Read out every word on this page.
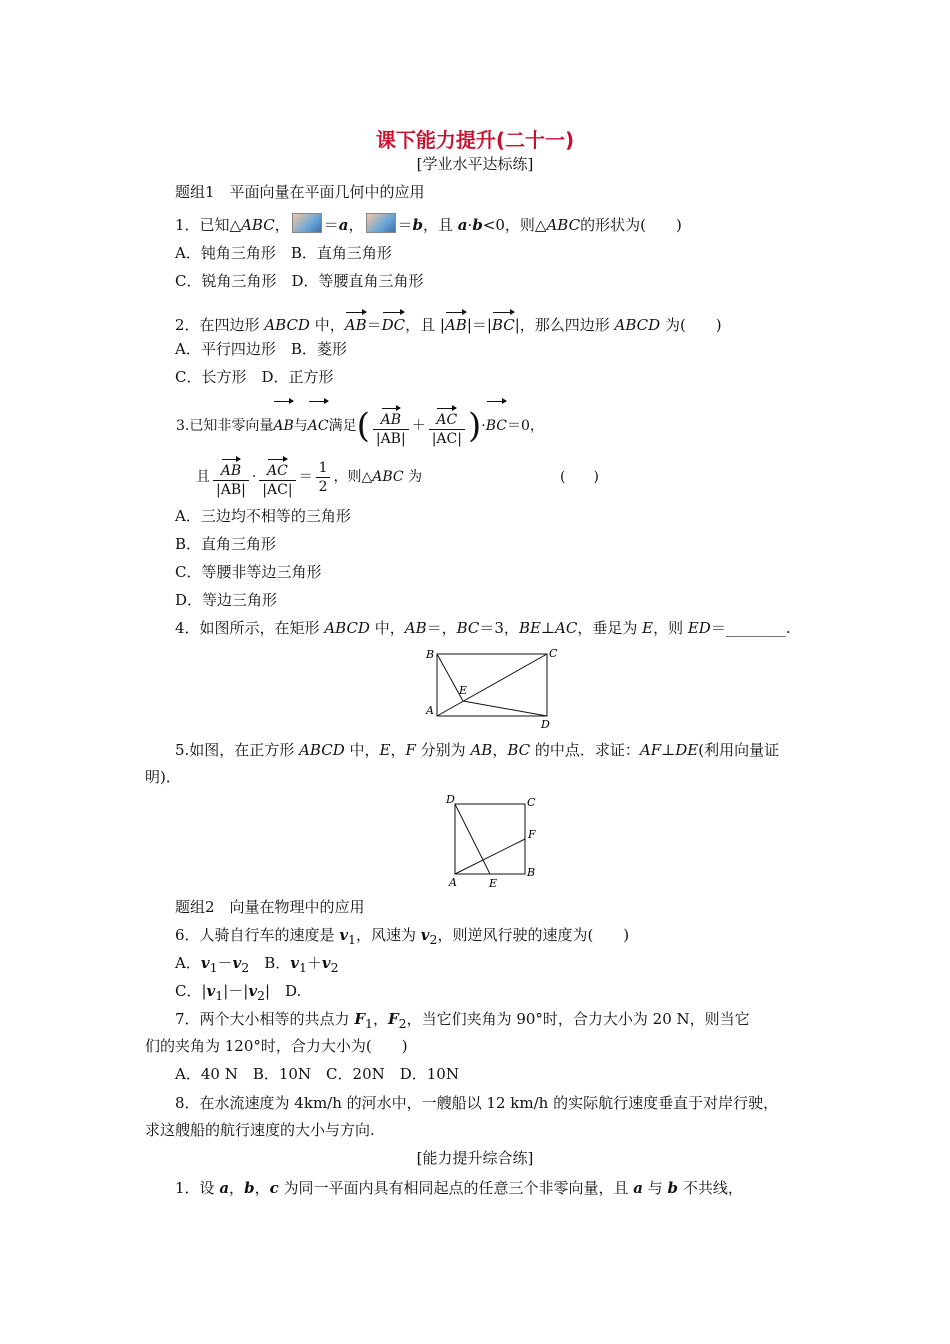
课下能力提升(二十一)
[学业水平达标练]
题组1　平面向量在平面几何中的应用
1．已知△ABC， ＝a， ＝b，且 a·b<0，则△ABC的形状为(　　)
A．钝角三角形　B．直角三角形
C．锐角三角形　D．等腰直角三角形
2．在四边形 ABCD 中，AB＝DC，且 |AB|＝|BC|，那么四边形 ABCD 为(　　)
A．平行四边形　B．菱形
C．长方形　D．正方形
3.已知非零向量AB与AC满足( $\frac{AB}{|AB|} + \frac{AC}{|AC|} )\cdot BC=0$，
且 $\frac{AB}{|AB|} \cdot \frac{AC}{|AC|} = \frac{1}{2}$ ，则△ABC 为	(　　)
A．三边均不相等的三角形
B．直角三角形
C．等腰非等边三角形
D．等边三角形
4．如图所示，在矩形 ABCD 中，AB＝，BC＝3，BE⊥AC，垂足为 E，则 ED＝________.
B	C
A
D
E
5.如图，在正方形 ABCD 中，E，F 分别为 AB，BC 的中点．求证：AF⊥DE(利用向量证
明)．
D	C
F
B
A	E
题组2　向量在物理中的应用
6．人骑自行车的速度是 $v_1$，风速为 $v_2$，则逆风行驶的速度为(　　)
A．$v_1-v_2$　B．$v_1+v_2$
C．$|v_1|-|v_2|$　D.
7．两个大小相等的共点力 $F_1$，$F_2$，当它们夹角为 90°时，合力大小为 20 N，则当它
们的夹角为 120°时，合力大小为(　　)
A．40 N　B．10N　C．20N　D．10N
8．在水流速度为 4km/h 的河水中，一艘船以 12 km/h 的实际航行速度垂直于对岸行驶，
求这艘船的航行速度的大小与方向.
[能力提升综合练]
1．设 a，b，c 为同一平面内具有相同起点的任意三个非零向量，且 a 与 b 不共线，
